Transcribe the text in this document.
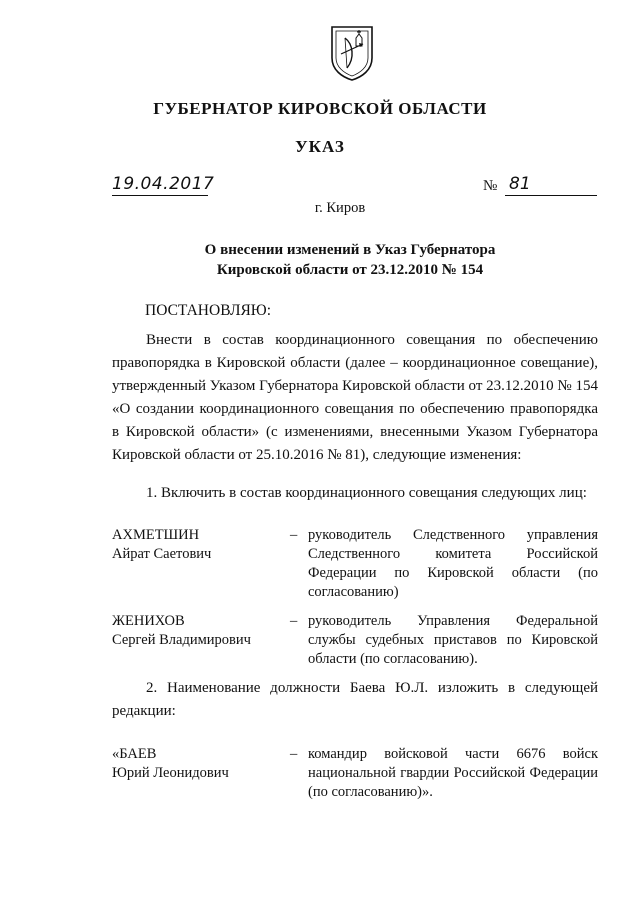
ГУБЕРНАТОР КИРОВСКОЙ ОБЛАСТИ
УКАЗ
19.04.2017	№ 81
г. Киров
О внесении изменений в Указ Губернатора
Кировской области от 23.12.2010 № 154
ПОСТАНОВЛЯЮ:
Внести в состав координационного совещания по обеспечению правопорядка в Кировской области (далее – координационное совещание), утвержденный Указом Губернатора Кировской области от 23.12.2010 № 154 «О создании координационного совещания по обеспечению правопорядка в Кировской области» (с изменениями, внесенными Указом Губернатора Кировской области от 25.10.2016 № 81), следующие изменения:
1. Включить в состав координационного совещания следующих лиц:
АХМЕТШИН
Айрат Саетович
– руководитель Следственного управления Следственного комитета Российской Федерации по Кировской области (по согласованию)
ЖЕНИХОВ
Сергей Владимирович
– руководитель Управления Федеральной службы судебных приставов по Кировской области (по согласованию).
2. Наименование должности Баева Ю.Л. изложить в следующей редакции:
«БАЕВ
Юрий Леонидович
– командир войсковой части 6676 войск национальной гвардии Российской Федерации (по согласованию)».
